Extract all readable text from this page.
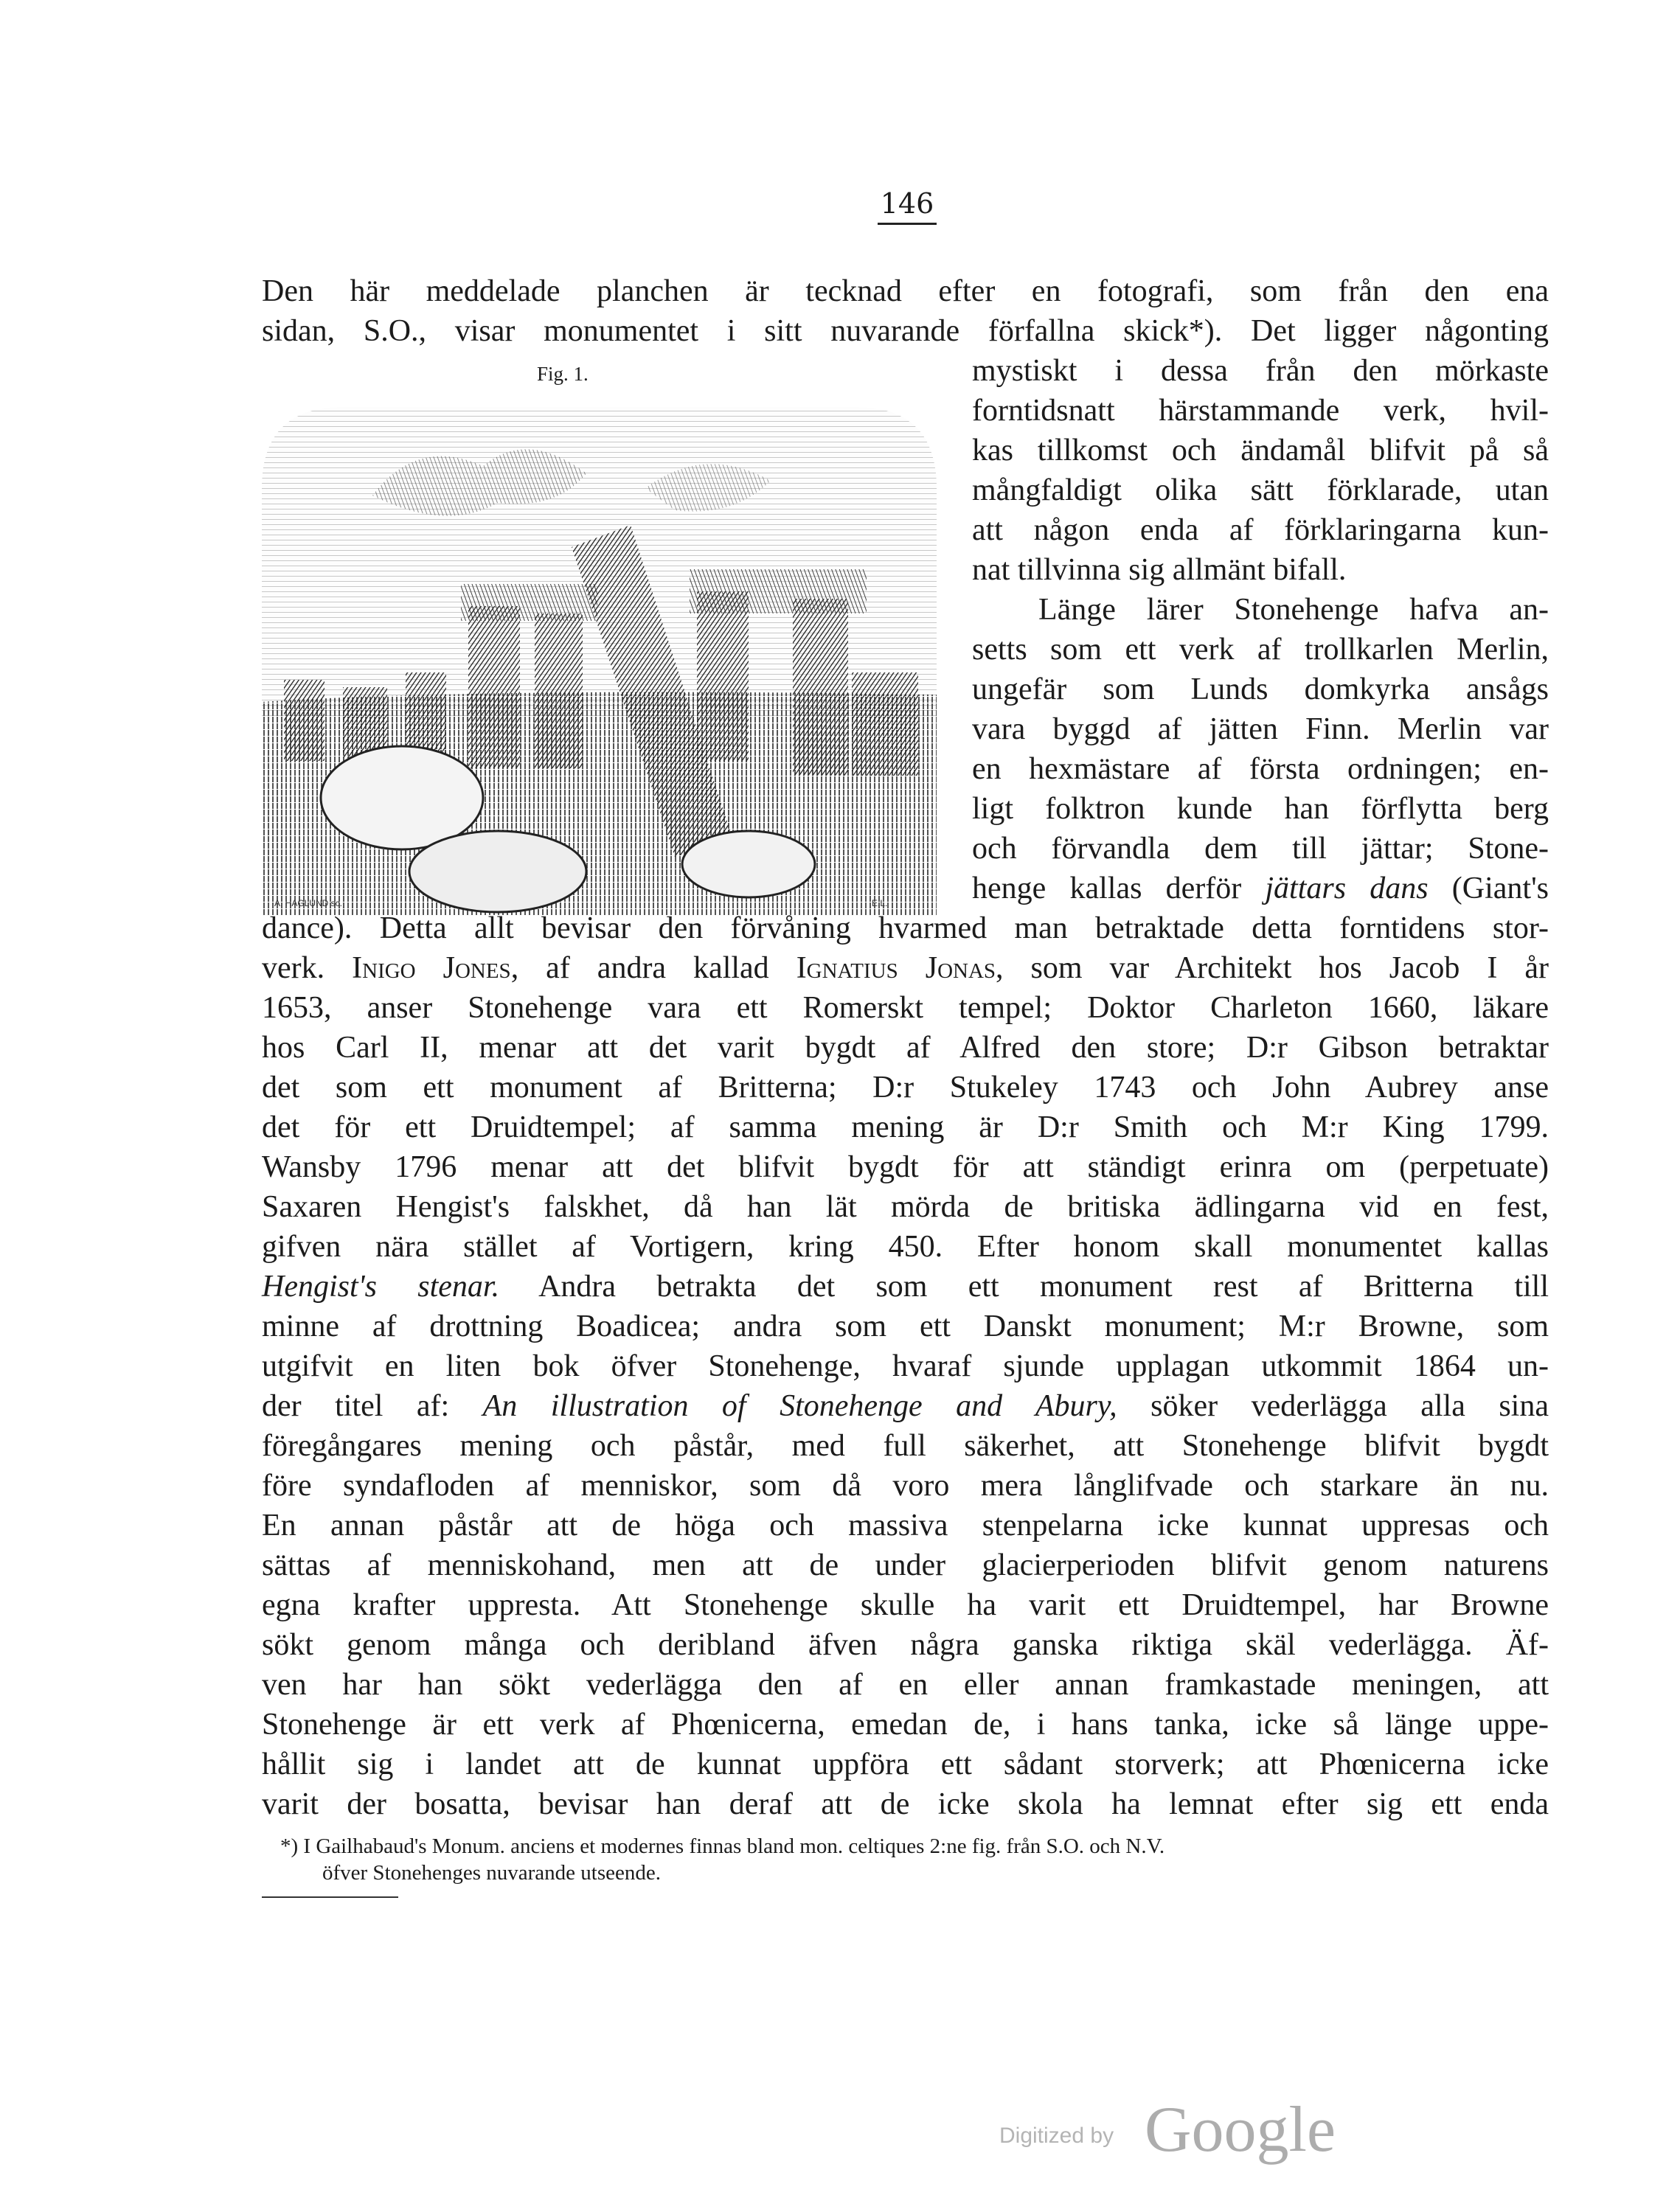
146
Den här meddelade planchen är tecknad efter en fotografi, som från den ena
sidan, S.O., visar monumentet i sitt nuvarande förfallna skick*). Det ligger någonting
Fig. 1.
A. HAGLUND sc.	E.L.
mystiskt i dessa från den mörkaste
forntidsnatt härstammande verk, hvil-
kas tillkomst och ändamål blifvit på så
mångfaldigt olika sätt förklarade, utan
att någon enda af förklaringarna kun-
nat tillvinna sig allmänt bifall.
Länge lärer Stonehenge hafva an-
setts som ett verk af trollkarlen Merlin,
ungefär som Lunds domkyrka ansågs
vara byggd af jätten Finn. Merlin var
en hexmästare af första ordningen; en-
ligt folktron kunde han förflytta berg
och förvandla dem till jättar; Stone-
henge kallas derför jättars dans (Giant's
dance). Detta allt bevisar den förvåning hvarmed man betraktade detta forntidens stor-
verk. Inigo Jones, af andra kallad Ignatius Jonas, som var Architekt hos Jacob I år
1653, anser Stonehenge vara ett Romerskt tempel; Doktor Charleton 1660, läkare
hos Carl II, menar att det varit bygdt af Alfred den store; D:r Gibson betraktar
det som ett monument af Britterna; D:r Stukeley 1743 och John Aubrey anse
det för ett Druidtempel; af samma mening är D:r Smith och M:r King 1799.
Wansby 1796 menar att det blifvit bygdt för att ständigt erinra om (perpetuate)
Saxaren Hengist's falskhet, då han lät mörda de britiska ädlingarna vid en fest,
gifven nära stället af Vortigern, kring 450. Efter honom skall monumentet kallas
Hengist's stenar. Andra betrakta det som ett monument rest af Britterna till
minne af drottning Boadicea; andra som ett Danskt monument; M:r Browne, som
utgifvit en liten bok öfver Stonehenge, hvaraf sjunde upplagan utkommit 1864 un-
der titel af: An illustration of Stonehenge and Abury, söker vederlägga alla sina
föregångares mening och påstår, med full säkerhet, att Stonehenge blifvit bygdt
före syndafloden af menniskor, som då voro mera långlifvade och starkare än nu.
En annan påstår att de höga och massiva stenpelarna icke kunnat uppresas och
sättas af menniskohand, men att de under glacierperioden blifvit genom naturens
egna krafter uppresta. Att Stonehenge skulle ha varit ett Druidtempel, har Browne
sökt genom många och deribland äfven några ganska riktiga skäl vederlägga. Äf-
ven har han sökt vederlägga den af en eller annan framkastade meningen, att
Stonehenge är ett verk af Phœnicerna, emedan de, i hans tanka, icke så länge uppe-
hållit sig i landet att de kunnat uppföra ett sådant storverk; att Phœnicerna icke
varit der bosatta, bevisar han deraf att de icke skola ha lemnat efter sig ett enda
*) I Gailhabaud's Monum. anciens et modernes finnas bland mon. celtiques 2:ne fig. från S.O. och N.V.
öfver Stonehenges nuvarande utseende.
Digitized by Google
